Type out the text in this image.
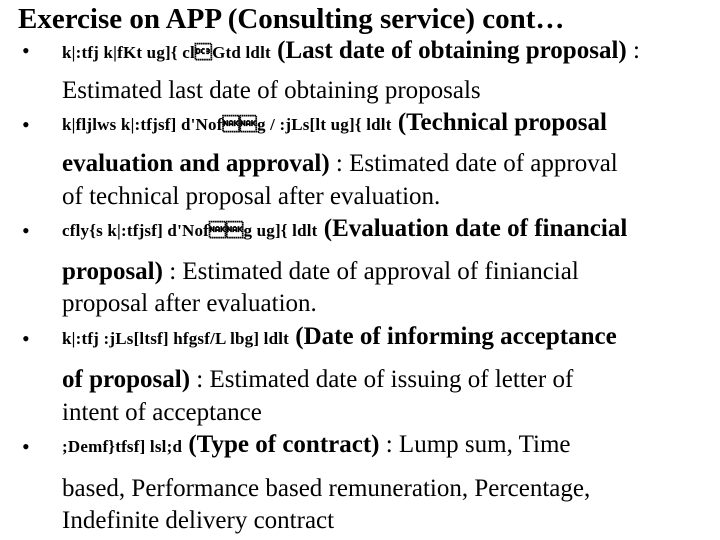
Exercise on APP (Consulting service) cont…
• k|:tfj k|fKt ug]{ clGtd ldlt (Last date of obtaining proposal) :
Estimated last date of obtaining proposals
• k|fljlws k|:tfjsf] d'Nofg / :jLs[lt ug]{ ldlt (Technical proposal
evaluation and approval) : Estimated date of approval
of technical proposal after evaluation.
• cfly{s k|:tfjsf] d'Nofg ug]{ ldlt (Evaluation date of financial
proposal) : Estimated date of approval of finiancial
proposal after evaluation.
• k|:tfj :jLs[ltsf] hfgsf/L lbg] ldlt (Date of informing acceptance
of proposal) : Estimated date of issuing of letter of
intent of acceptance
• ;Demf}tfsf] lsl;d (Type of contract) : Lump sum, Time
based, Performance based remuneration, Percentage,
Indefinite delivery contract
